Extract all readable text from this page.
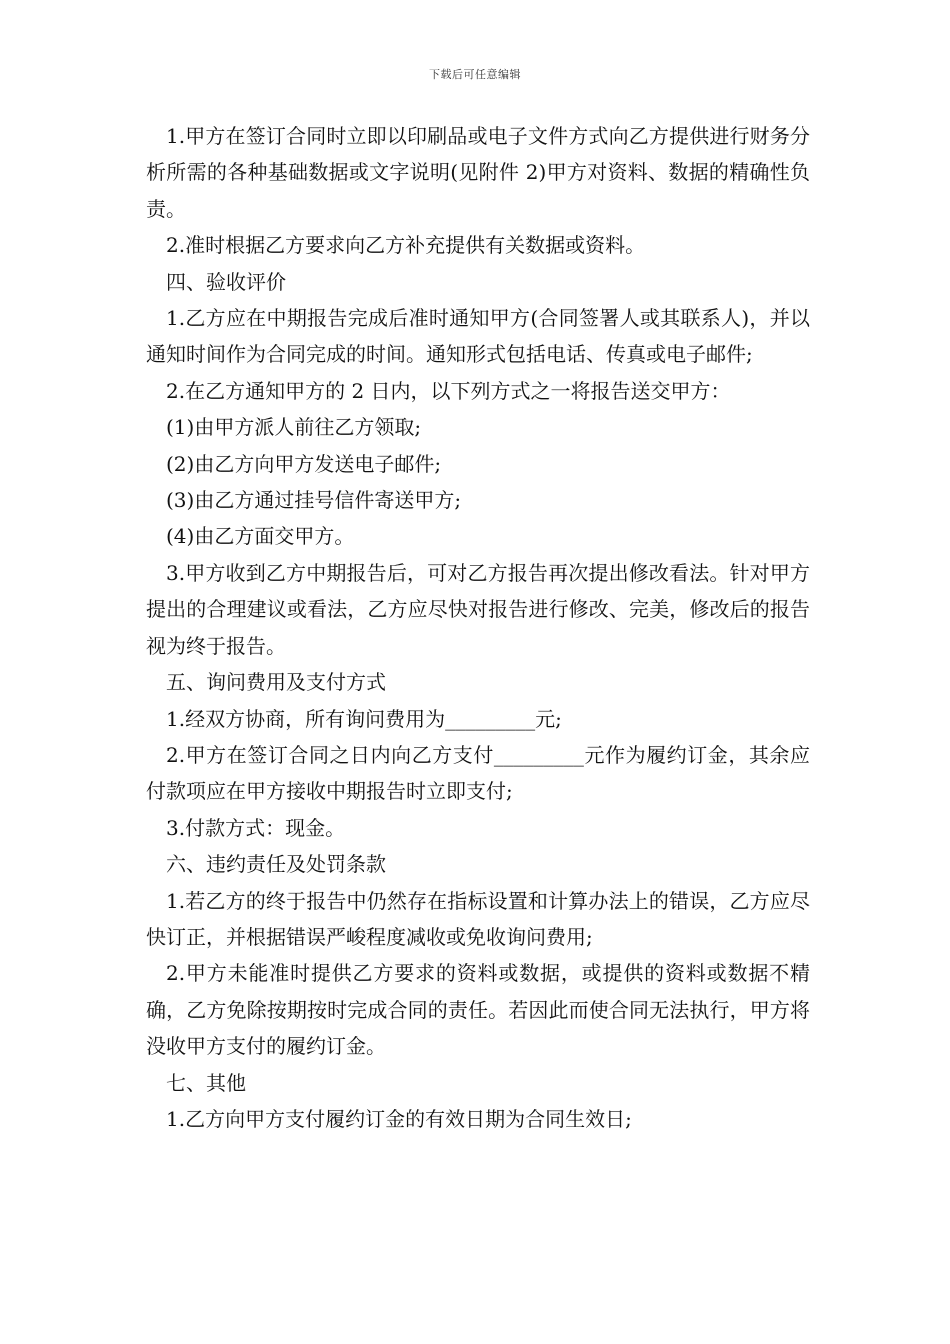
下载后可任意编辑

1.甲方在签订合同时立即以印刷品或电子文件方式向乙方提供进行财务分析所需的各种基础数据或文字说明(见附件 2)甲方对资料、数据的精确性负责。

2.准时根据乙方要求向乙方补充提供有关数据或资料。

四、验收评价

1.乙方应在中期报告完成后准时通知甲方(合同签署人或其联系人)，并以通知时间作为合同完成的时间。通知形式包括电话、传真或电子邮件;

2.在乙方通知甲方的 2 日内，以下列方式之一将报告送交甲方：

(1)由甲方派人前往乙方领取;

(2)由乙方向甲方发送电子邮件;

(3)由乙方通过挂号信件寄送甲方;

(4)由乙方面交甲方。

3.甲方收到乙方中期报告后，可对乙方报告再次提出修改看法。针对甲方提出的合理建议或看法，乙方应尽快对报告进行修改、完美，修改后的报告视为终于报告。

五、询问费用及支付方式

1.经双方协商，所有询问费用为_________元;

2.甲方在签订合同之日内向乙方支付_________元作为履约订金，其余应付款项应在甲方接收中期报告时立即支付;

3.付款方式：现金。

六、违约责任及处罚条款

1.若乙方的终于报告中仍然存在指标设置和计算办法上的错误，乙方应尽快订正，并根据错误严峻程度减收或免收询问费用;

2.甲方未能准时提供乙方要求的资料或数据，或提供的资料或数据不精确，乙方免除按期按时完成合同的责任。若因此而使合同无法执行，甲方将没收甲方支付的履约订金。

七、其他

1.乙方向甲方支付履约订金的有效日期为合同生效日;
